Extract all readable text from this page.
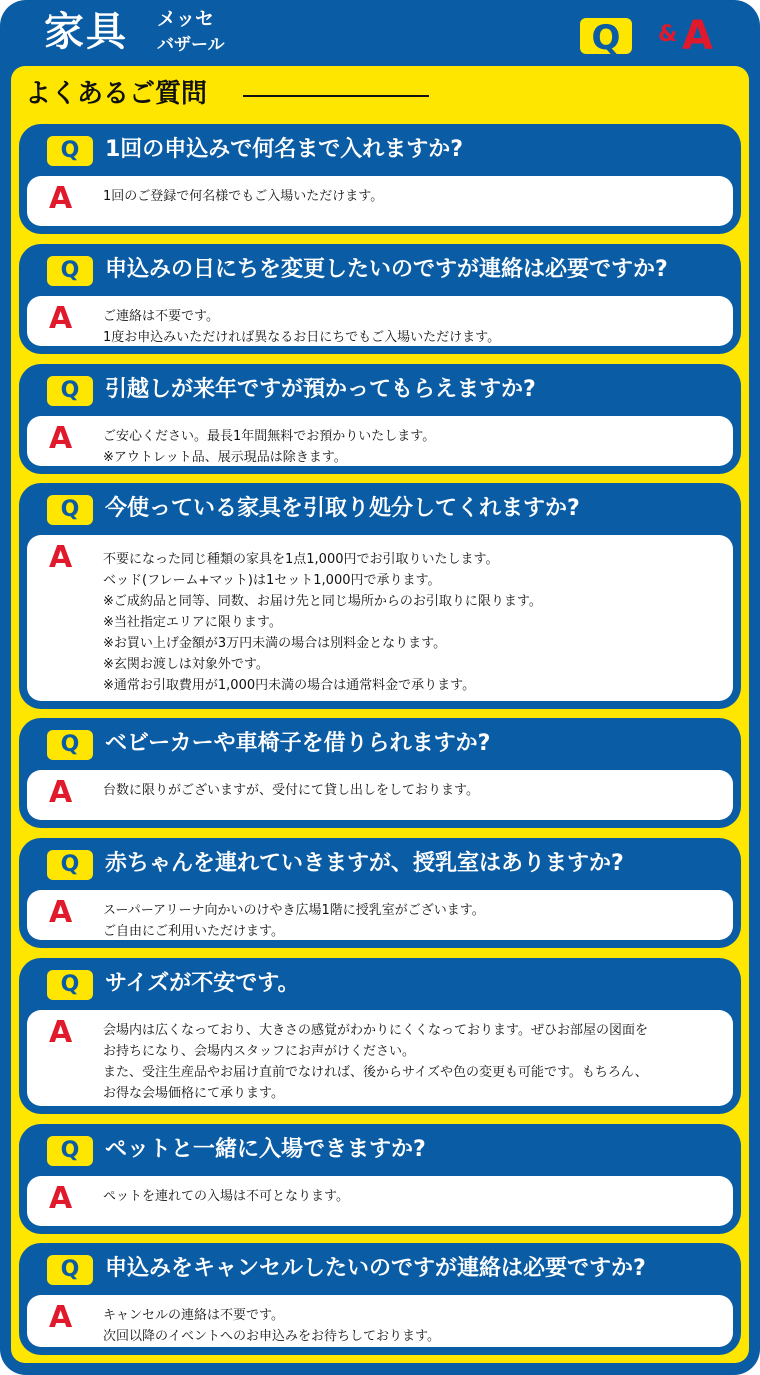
家具 メッセ
バザール	Q	& A
よくあるご質問
Q	1回の申込みで何名まで入れますか?
A 1回のご登録で何名様でもご入場いただけます。
Q	申込みの日にちを変更したいのですが連絡は必要ですか?
A ご連絡は不要です。
1度お申込みいただければ異なるお日にちでもご入場いただけます。
Q	引越しが来年ですが預かってもらえますか?
A ご安心ください。最長1年間無料でお預かりいたします。
※アウトレット品、展示現品は除きます。
Q	今使っている家具を引取り処分してくれますか?
A 不要になった同じ種類の家具を1点1,000円でお引取りいたします。
ベッド(フレーム+マット)は1セット1,000円で承ります。
※ご成約品と同等、同数、お届け先と同じ場所からのお引取りに限ります。
※当社指定エリアに限ります。
※お買い上げ金額が3万円未満の場合は別料金となります。
※玄関お渡しは対象外です。
※通常お引取費用が1,000円未満の場合は通常料金で承ります。
Q	ベビーカーや車椅子を借りられますか?
A 台数に限りがございますが、受付にて貸し出しをしております。
Q	赤ちゃんを連れていきますが、授乳室はありますか?
A スーパーアリーナ向かいのけやき広場1階に授乳室がございます。
ご自由にご利用いただけます。
Q	サイズが不安です。
A 会場内は広くなっており、大きさの感覚がわかりにくくなっております。ぜひお部屋の図面を
お持ちになり、会場内スタッフにお声がけください。
また、受注生産品やお届け直前でなければ、後からサイズや色の変更も可能です。もちろん、
お得な会場価格にて承ります。
Q	ペットと一緒に入場できますか?
A ペットを連れての入場は不可となります。
Q	申込みをキャンセルしたいのですが連絡は必要ですか?
A キャンセルの連絡は不要です。
次回以降のイベントへのお申込みをお待ちしております。
